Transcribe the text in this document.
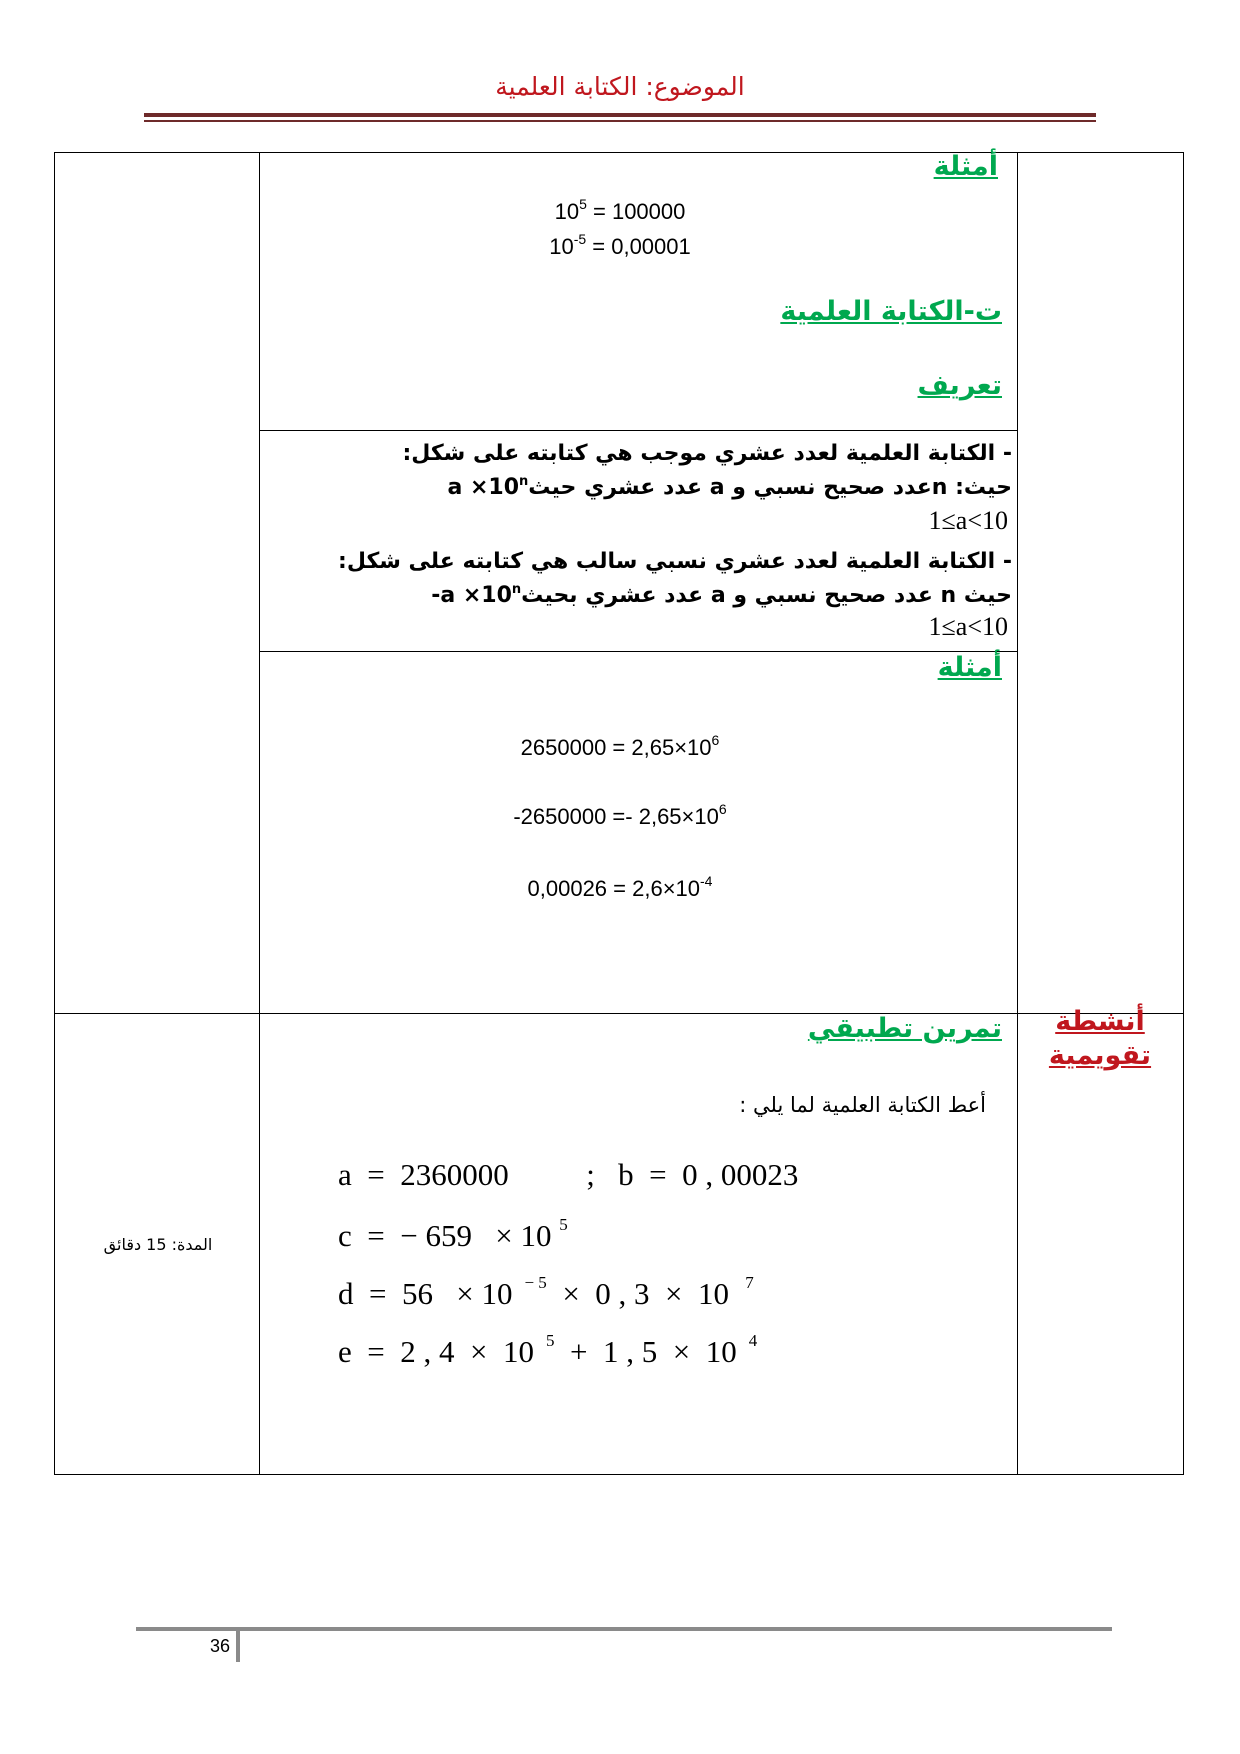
الموضوع: الكتابة العلمية
أمثلة
$10^5 = 100000$
$10^{-5} = 0,00001$
ت-الكتابة العلمية
تعريف
- الكتابة العلمية لعدد عشري موجب هي كتابته على شكل:
حيث: nعدد صحيح نسبي و a عدد عشري حيثa $\times 10^n$
1≤a<10
- الكتابة العلمية لعدد عشري نسبي سالب هي كتابته على شكل:
حيث n عدد صحيح نسبي و a عدد عشري بحيث-a $\times 10^n$
1≤a<10
أمثلة
$2650000 = 2,65\times 10^6$
$-2650000 =- 2,65\times 10^6$
$0,00026 = 2,6\times 10^{-4}$
أنشطة
تقويمية
تمرين تطبيقي
أعط الكتابة العلمية لما يلي :
المدة: 15 دقائق
a  =  2360000          ;   b  =  0 , 00023
c  =  − 659   × 10 $^5$
d  =  56   × 10  $^{- 5}$  ×  0 , 3  ×  10   $^7$
e  =  2 , 4  ×  10  $^5$  +  1 , 5  ×  10  $^4$
36
